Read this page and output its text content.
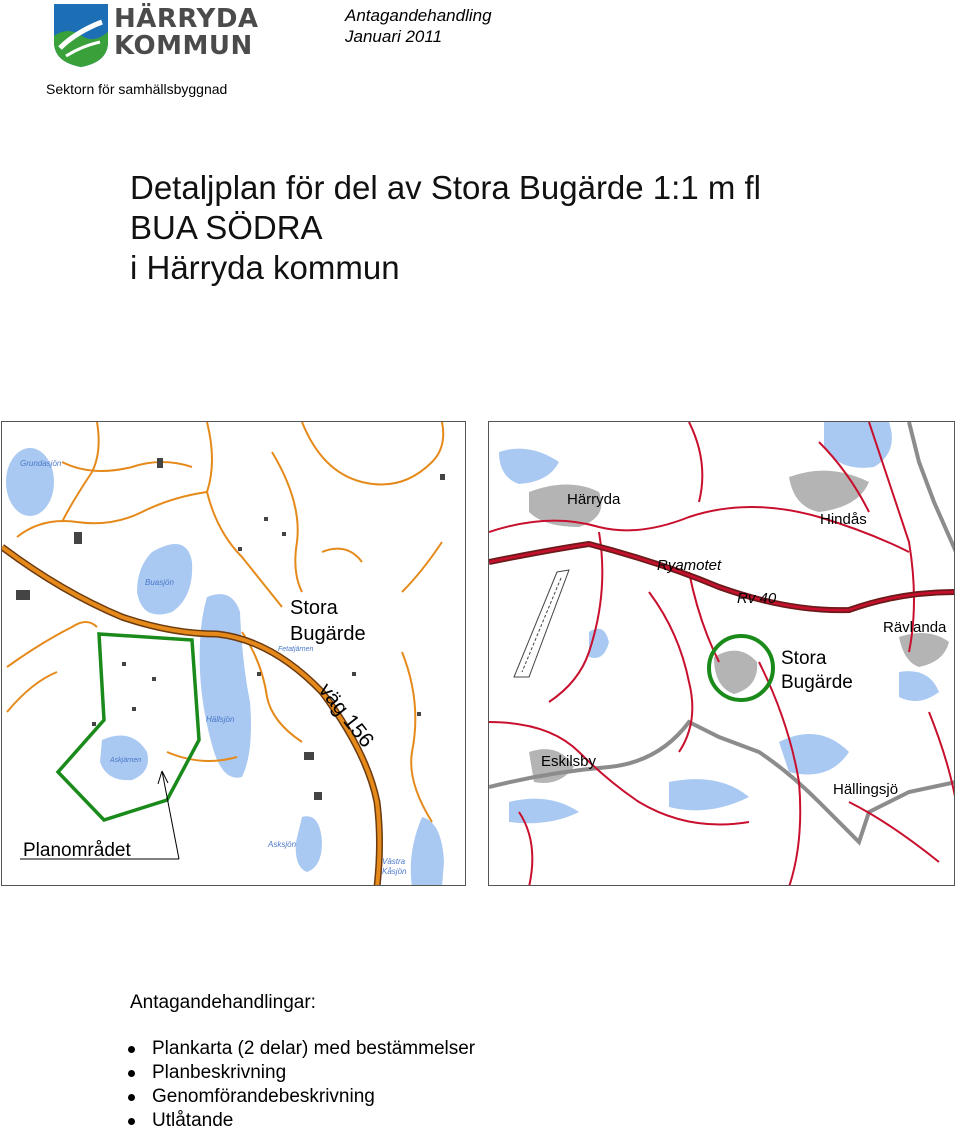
HÄRRYDA
KOMMUN
Sektorn för samhällsbyggnad
Antagandehandling
Januari 2011
Detaljplan för del av Stora Bugärde 1:1 m fl
BUA SÖDRA
i Härryda kommun
Grundasjön
Buasjön
Stora
Bugärde
Fetatjärnen
väg 156
Hällsjön
Askjärnen
Planområdet	Asksjön
Västra
Kåsjön
Härryda
Hindås
Ryamotet
Rv 40
Rävlanda
Stora
Bugärde
Eskilsby
Hällingsjö
Antagandehandlingar:
Plankarta (2 delar) med bestämmelser
Planbeskrivning
Genomförandebeskrivning
Utlåtande
